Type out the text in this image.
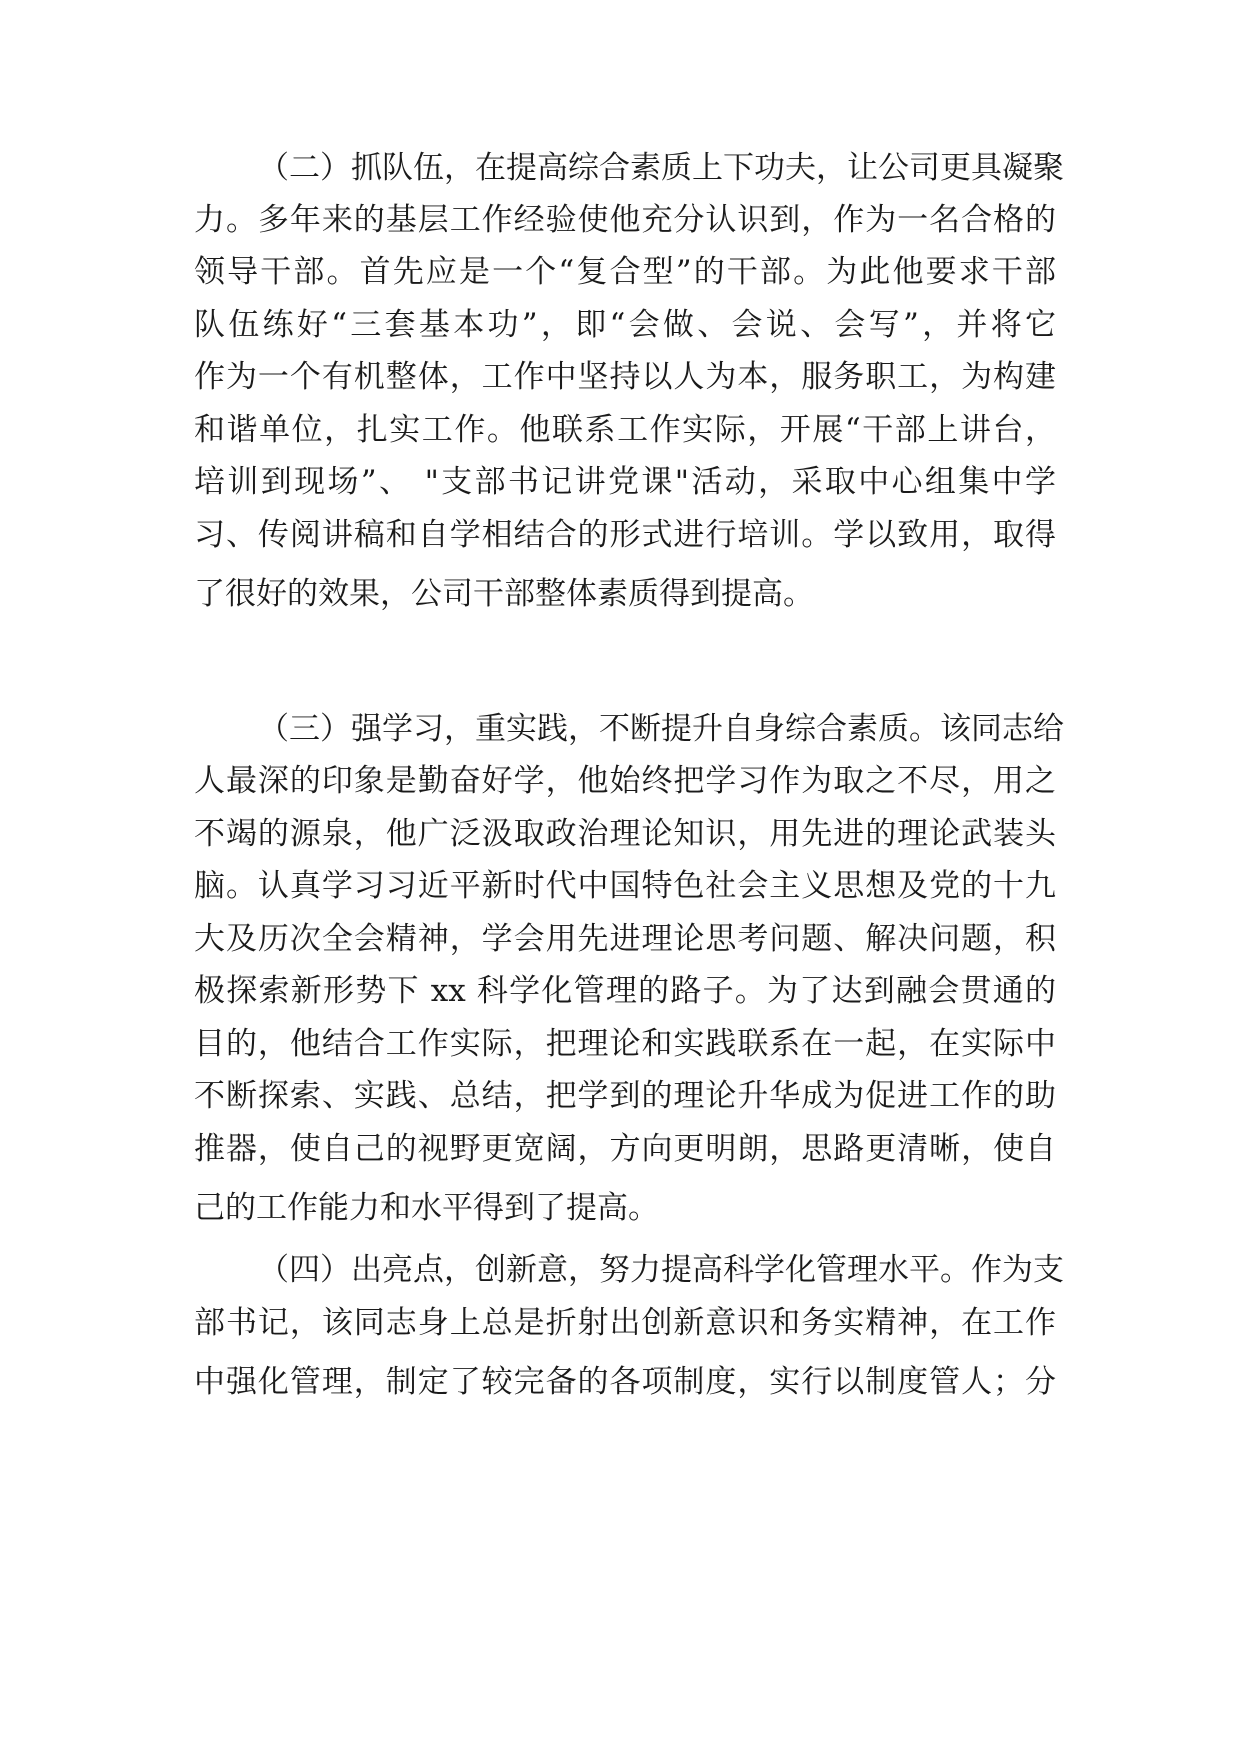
（二）抓队伍，在提高综合素质上下功夫，让公司更具凝聚
力。多年来的基层工作经验使他充分认识到，作为一名合格的
领导干部。首先应是一个“复合型”的干部。为此他要求干部
队伍练好“三套基本功”，即“会做、会说、会写”，并将它
作为一个有机整体，工作中坚持以人为本，服务职工，为构建
和谐单位，扎实工作。他联系工作实际，开展“干部上讲台，
培训到现场”、 "支部书记讲党课"活动，采取中心组集中学
习、传阅讲稿和自学相结合的形式进行培训。学以致用，取得
了很好的效果，公司干部整体素质得到提高。
（三）强学习，重实践，不断提升自身综合素质。该同志给
人最深的印象是勤奋好学，他始终把学习作为取之不尽，用之
不竭的源泉，他广泛汲取政治理论知识，用先进的理论武装头
脑。认真学习习近平新时代中国特色社会主义思想及党的十九
大及历次全会精神，学会用先进理论思考问题、解决问题，积
极探索新形势下 xx 科学化管理的路子。为了达到融会贯通的
目的，他结合工作实际，把理论和实践联系在一起，在实际中
不断探索、实践、总结，把学到的理论升华成为促进工作的助
推器，使自己的视野更宽阔，方向更明朗，思路更清晰，使自
己的工作能力和水平得到了提高。
（四）出亮点，创新意，努力提高科学化管理水平。作为支
部书记，该同志身上总是折射出创新意识和务实精神，在工作
中强化管理，制定了较完备的各项制度，实行以制度管人；分
